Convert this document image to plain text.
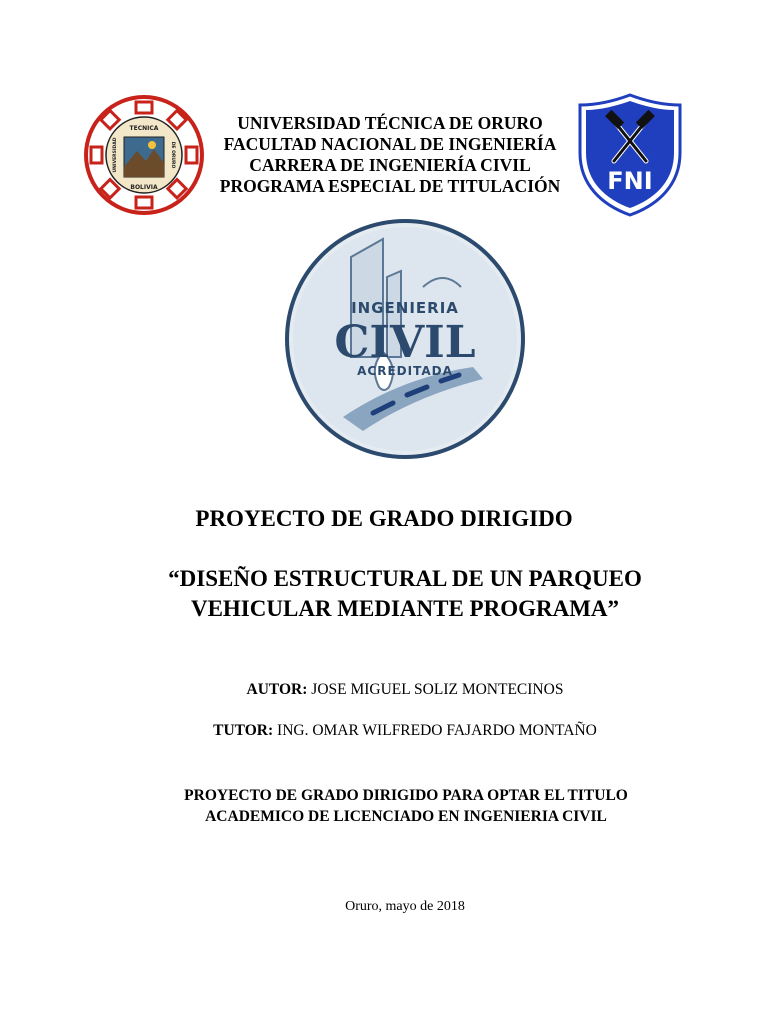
TECNICA
BOLIVIA
UNIVERSIDAD	DE ORURO
UNIVERSIDAD TÉCNICA DE ORURO
FACULTAD NACIONAL DE INGENIERÍA
CARRERA DE INGENIERÍA CIVIL
PROGRAMA ESPECIAL DE TITULACIÓN	FNI
INGENIERIA
CIVIL
ACREDITADA
PROYECTO DE GRADO DIRIGIDO
“DISEÑO ESTRUCTURAL DE UN PARQUEO
VEHICULAR MEDIANTE PROGRAMA”
AUTOR: JOSE MIGUEL SOLIZ MONTECINOS
TUTOR: ING. OMAR WILFREDO FAJARDO MONTAÑO
PROYECTO DE GRADO DIRIGIDO PARA OPTAR EL TITULO
ACADEMICO DE LICENCIADO EN INGENIERIA CIVIL
Oruro, mayo de 2018
